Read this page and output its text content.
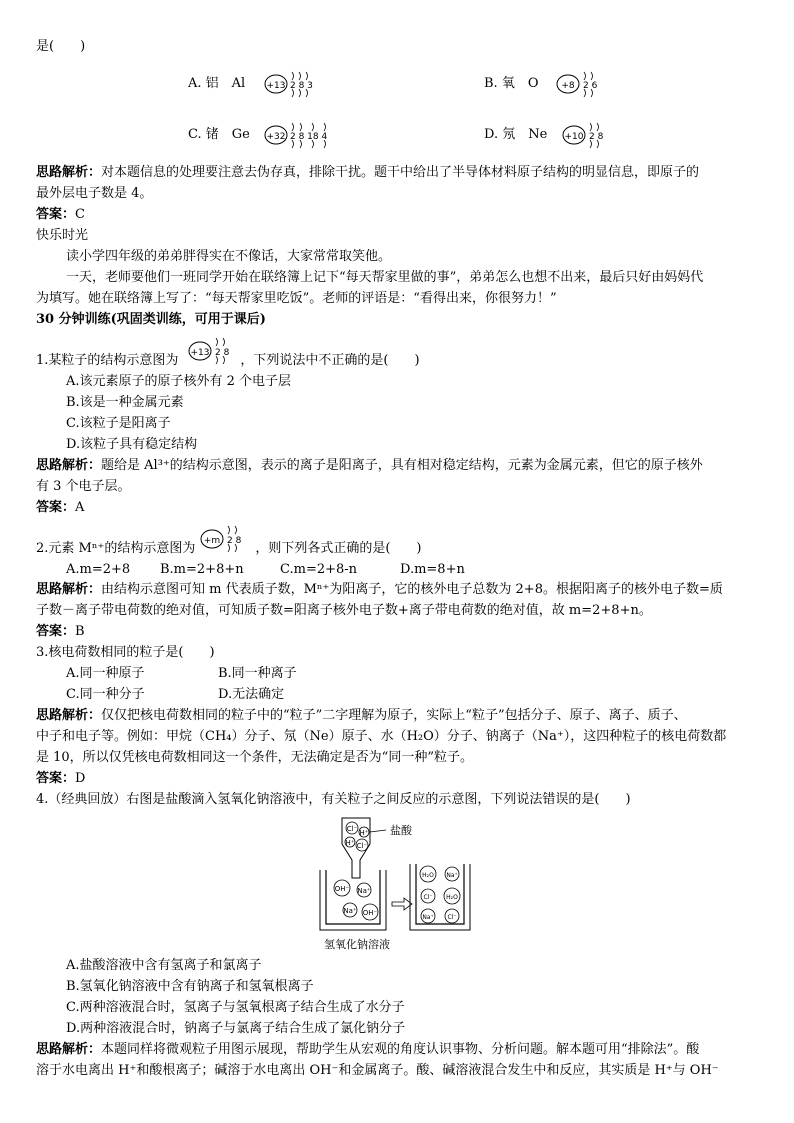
是(　　)
A. 铝　Al +13 2 8 3	B. 氧　O	+8 2 6
C. 锗　Ge +32 2 8 18 4	D. 氖　Ne +10 2 8
思路解析：对本题信息的处理要注意去伪存真，排除干扰。题干中给出了半导体材料原子结构的明显信息，即原子的
最外层电子数是 4。
答案：C
快乐时光
读小学四年级的弟弟胖得实在不像话，大家常常取笑他。
一天，老师要他们一班同学开始在联络簿上记下“每天帮家里做的事”，弟弟怎么也想不出来，最后只好由妈妈代
为填写。她在联络簿上写了：“每天帮家里吃饭”。老师的评语是：“看得出来，你很努力！”
30 分钟训练(巩固类训练，可用于课后)
1.某粒子的结构示意图为	，下列说法中不正确的是(　　)
+13 2 8
A.该元素原子的原子核外有 2 个电子层
B.该是一种金属元素
C.该粒子是阳离子
D.该粒子具有稳定结构
思路解析：题给是 Al³⁺的结构示意图，表示的离子是阳离子，具有相对稳定结构，元素为金属元素，但它的原子核外
有 3 个电子层。
答案：A
2.元素 Mⁿ⁺的结构示意图为	，则下列各式正确的是(　　)
+m 2 8
A.m=2+8 B.m=2+8+n	C.m=2+8-n	D.m=8+n
思路解析：由结构示意图可知 m 代表质子数，Mⁿ⁺为阳离子，它的核外电子总数为 2+8。根据阳离子的核外电子数=质
子数－离子带电荷数的绝对值，可知质子数=阳离子核外电子数+离子带电荷数的绝对值，故 m=2+8+n。
答案：B
3.核电荷数相同的粒子是(　　)
A.同一种原子	B.同一种离子
C.同一种分子	D.无法确定
思路解析：仅仅把核电荷数相同的粒子中的“粒子”二字理解为原子，实际上“粒子”包括分子、原子、离子、质子、
中子和电子等。例如：甲烷（CH₄）分子、氖（Ne）原子、水（H₂O）分子、钠离子（Na⁺），这四种粒子的核电荷数都
是 10，所以仅凭核电荷数相同这一个条件，无法确定是否为“同一种”粒子。
答案：D
4.（经典回放）右图是盐酸滴入氢氧化钠溶液中，有关粒子之间反应的示意图，下列说法错误的是(　　)
Cl⁻ H⁺
H⁺ Cl⁻
盐酸
OH⁻ Na⁺
Na⁺ OH⁻
H₂O Na⁺
Cl⁻ H₂O
Na⁺ Cl⁻
氢氧化钠溶液
A.盐酸溶液中含有氢离子和氯离子
B.氢氧化钠溶液中含有钠离子和氢氧根离子
C.两种溶液混合时，氢离子与氢氧根离子结合生成了水分子
D.两种溶液混合时，钠离子与氯离子结合生成了氯化钠分子
思路解析：本题同样将微观粒子用图示展现，帮助学生从宏观的角度认识事物、分析问题。解本题可用“排除法”。酸
溶于水电离出 H⁺和酸根离子；碱溶于水电离出 OH⁻和金属离子。酸、碱溶液混合发生中和反应，其实质是 H⁺与 OH⁻
